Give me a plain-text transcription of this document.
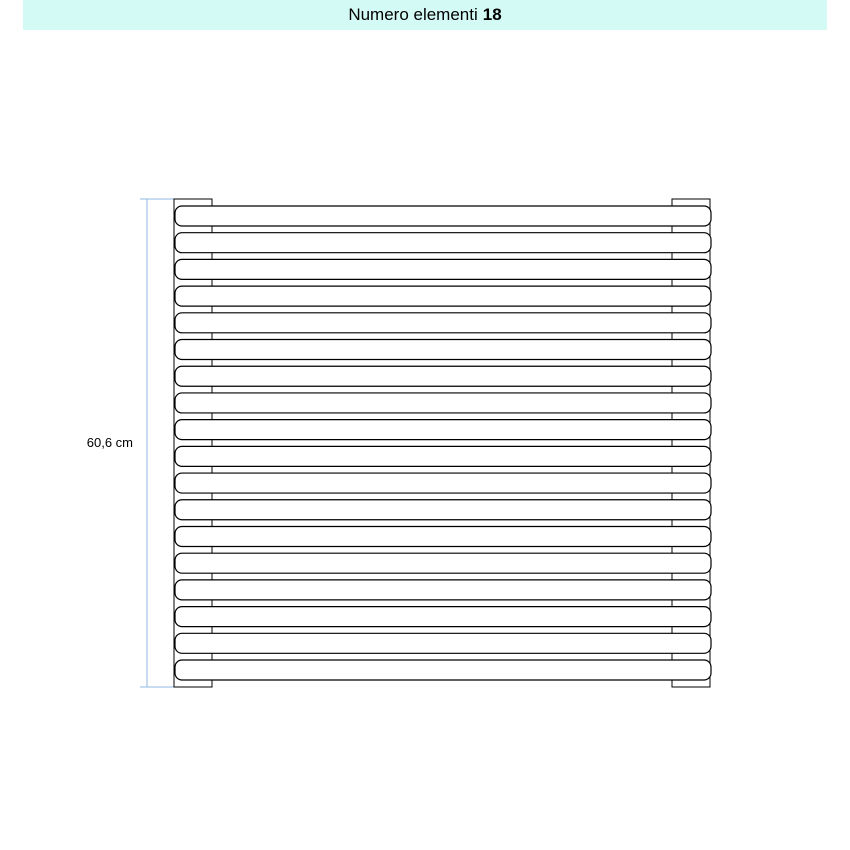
Numero elementi 18
60,6 cm
